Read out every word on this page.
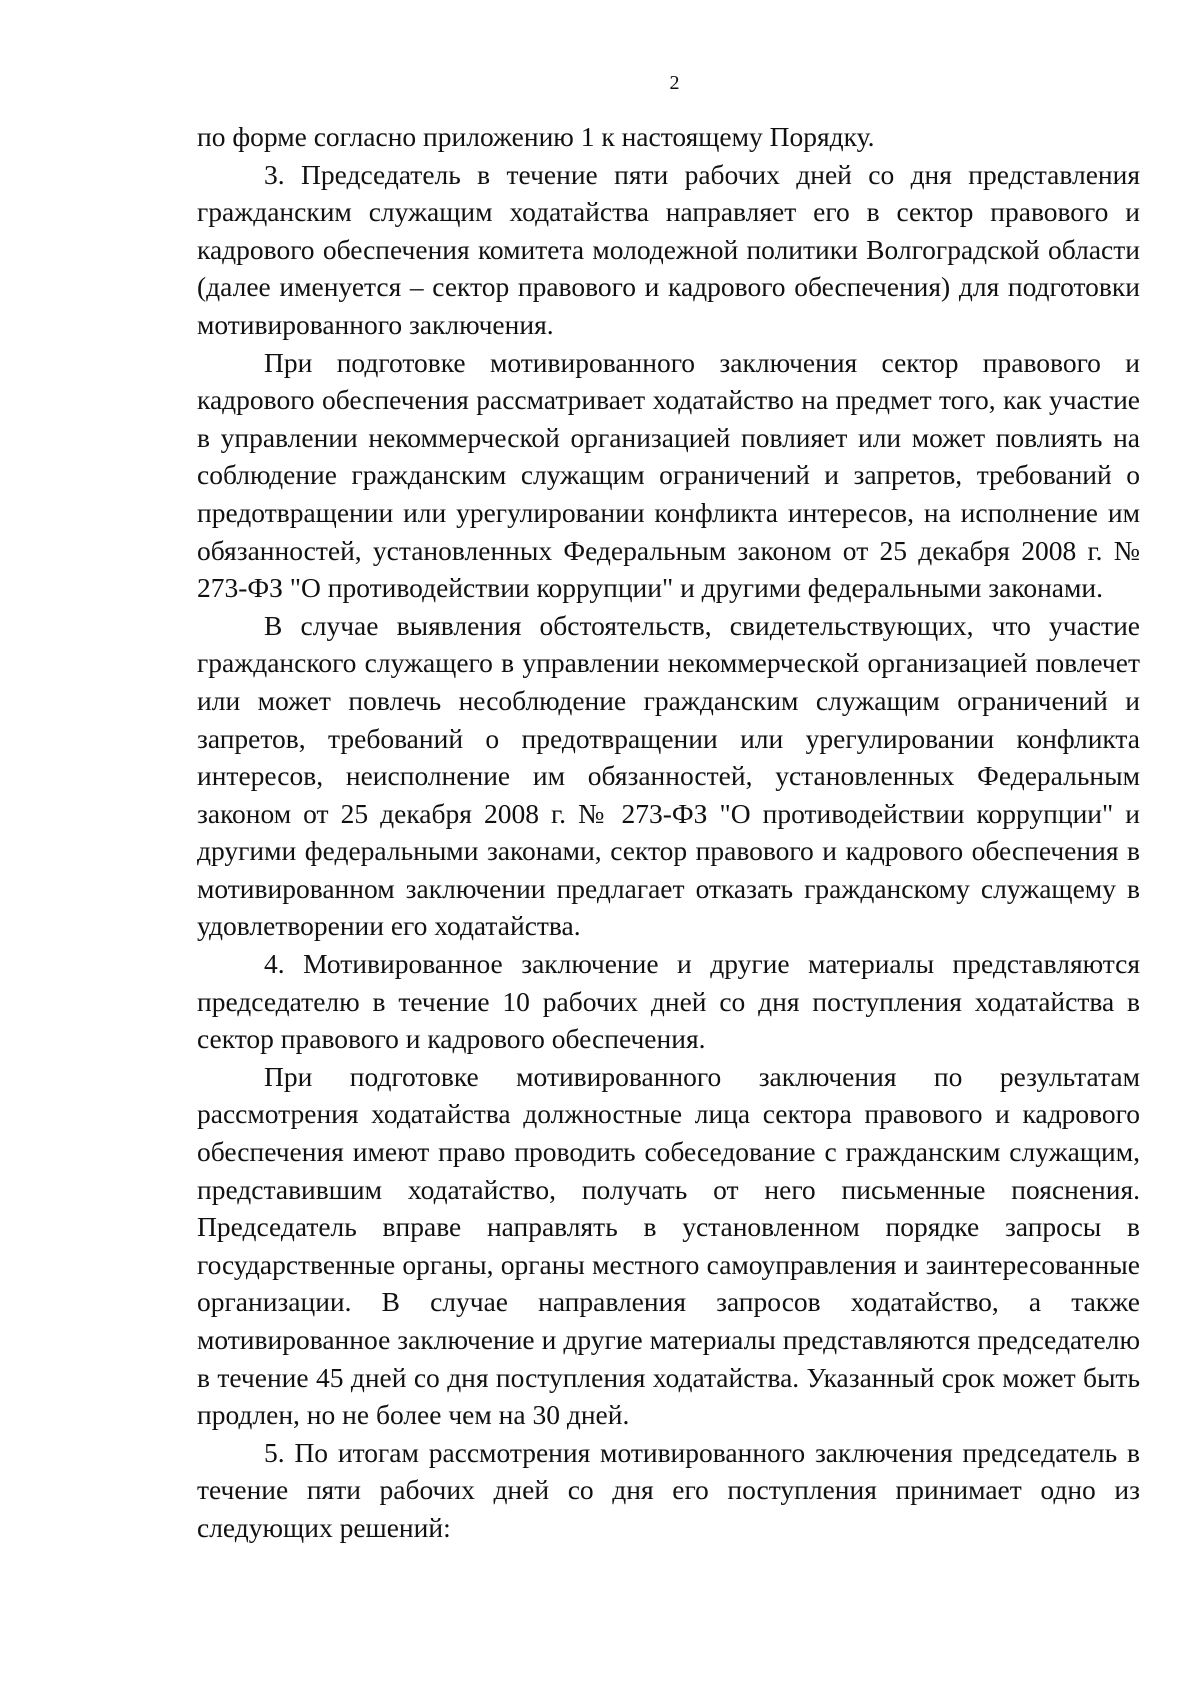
2

по форме согласно приложению 1 к настоящему Порядку.

3. Председатель в течение пяти рабочих дней со дня представления гражданским служащим ходатайства направляет его в сектор правового и кадрового обеспечения комитета молодежной политики Волгоградской области (далее именуется – сектор правового и кадрового обеспечения) для подготовки мотивированного заключения.

При подготовке мотивированного заключения сектор правового и кадрового обеспечения рассматривает ходатайство на предмет того, как участие в управлении некоммерческой организацией повлияет или может повлиять на соблюдение гражданским служащим ограничений и запретов, требований о предотвращении или урегулировании конфликта интересов, на исполнение им обязанностей, установленных Федеральным законом от 25 декабря 2008 г. № 273-ФЗ "О противодействии коррупции" и другими федеральными законами.

В случае выявления обстоятельств, свидетельствующих, что участие гражданского служащего в управлении некоммерческой организацией повлечет или может повлечь несоблюдение гражданским служащим ограничений и запретов, требований о предотвращении или урегулировании конфликта интересов, неисполнение им обязанностей, установленных Федеральным законом от 25 декабря 2008 г. № 273-ФЗ "О противодействии коррупции" и другими федеральными законами, сектор правового и кадрового обеспечения в мотивированном заключении предлагает отказать гражданскому служащему в удовлетворении его ходатайства.

4. Мотивированное заключение и другие материалы представляются председателю в течение 10 рабочих дней со дня поступления ходатайства в сектор правового и кадрового обеспечения.

При подготовке мотивированного заключения по результатам рассмотрения ходатайства должностные лица сектора правового и кадрового обеспечения имеют право проводить собеседование с гражданским служащим, представившим ходатайство, получать от него письменные пояснения. Председатель вправе направлять в установленном порядке запросы в государственные органы, органы местного самоуправления и заинтересованные организации. В случае направления запросов ходатайство, а также мотивированное заключение и другие материалы представляются председателю в течение 45 дней со дня поступления ходатайства. Указанный срок может быть продлен, но не более чем на 30 дней.

5. По итогам рассмотрения мотивированного заключения председатель в течение пяти рабочих дней со дня его поступления принимает одно из следующих решений:
